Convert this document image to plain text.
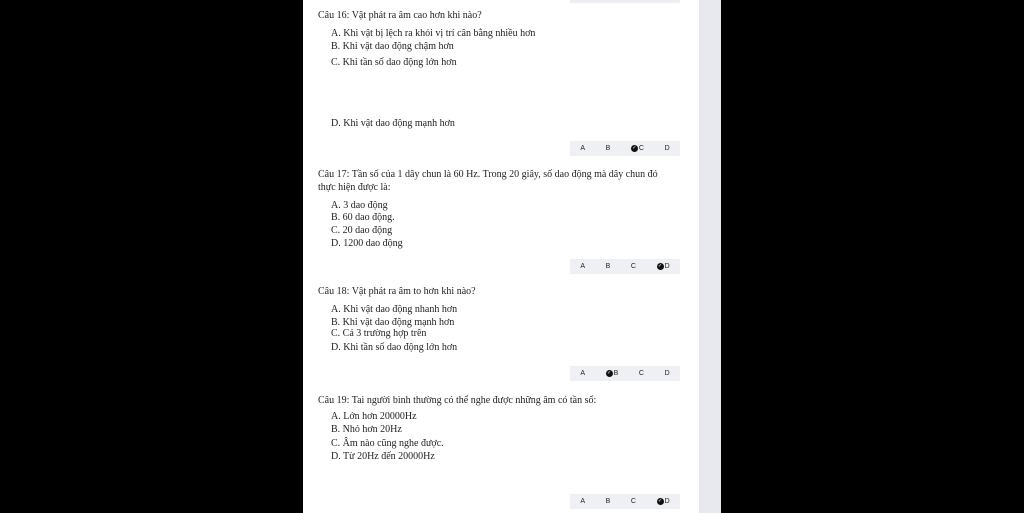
Câu 16: Vật phát ra âm cao hơn khi nào?
A. Khi vật bị lệch ra khỏi vị trí cân bằng nhiều hơn
B. Khi vật dao động chậm hơn
C. Khi tần số dao động lớn hơn
D. Khi vật dao động mạnh hơn
A	B	✓ C	D
Câu 17: Tần số của 1 dây chun là 60 Hz. Trong 20 giây, số dao động mà dây chun đó thực hiện được là:
A. 3 dao động
B. 60 dao động.
C. 20 dao động
D. 1200 dao động
A	B	C	✓ D
Câu 18: Vật phát ra âm to hơn khi nào?
A. Khi vật dao động nhanh hơn
B. Khi vật dao động mạnh hơn
C. Cả 3 trường hợp trên
D. Khi tần số dao động lớn hơn
A	✓ B	C	D
Câu 19: Tai người bình thường có thể nghe được những âm có tần số:
A. Lớn hơn 20000Hz
B. Nhỏ hơn 20Hz
C. Âm nào cũng nghe được.
D. Từ 20Hz đến 20000Hz
A	B	C	✓ D
